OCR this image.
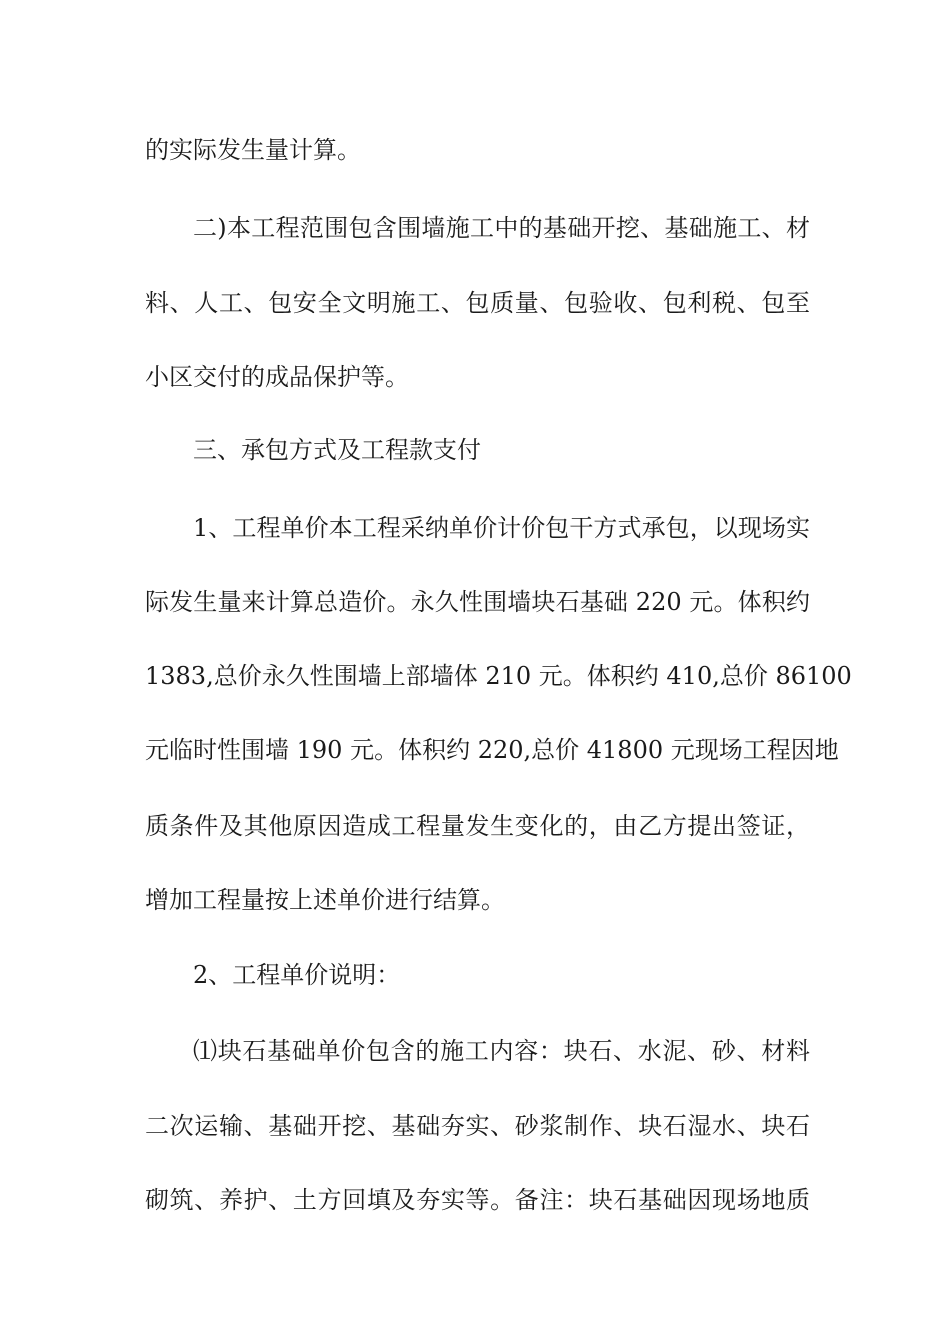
的实际发生量计算。
二)本工程范围包含围墙施工中的基础开挖、基础施工、材
料、人工、包安全文明施工、包质量、包验收、包利税、包至
小区交付的成品保护等。
三、承包方式及工程款支付
1、工程单价本工程采纳单价计价包干方式承包，以现场实
际发生量来计算总造价。永久性围墙块石基础 220 元。体积约
1383,总价永久性围墙上部墙体 210 元。体积约 410,总价 86100
元临时性围墙 190 元。体积约 220,总价 41800 元现场工程因地
质条件及其他原因造成工程量发生变化的，由乙方提出签证，
增加工程量按上述单价进行结算。
2、工程单价说明：
⑴块石基础单价包含的施工内容：块石、水泥、砂、材料
二次运输、基础开挖、基础夯实、砂浆制作、块石湿水、块石
砌筑、养护、土方回填及夯实等。备注：块石基础因现场地质
